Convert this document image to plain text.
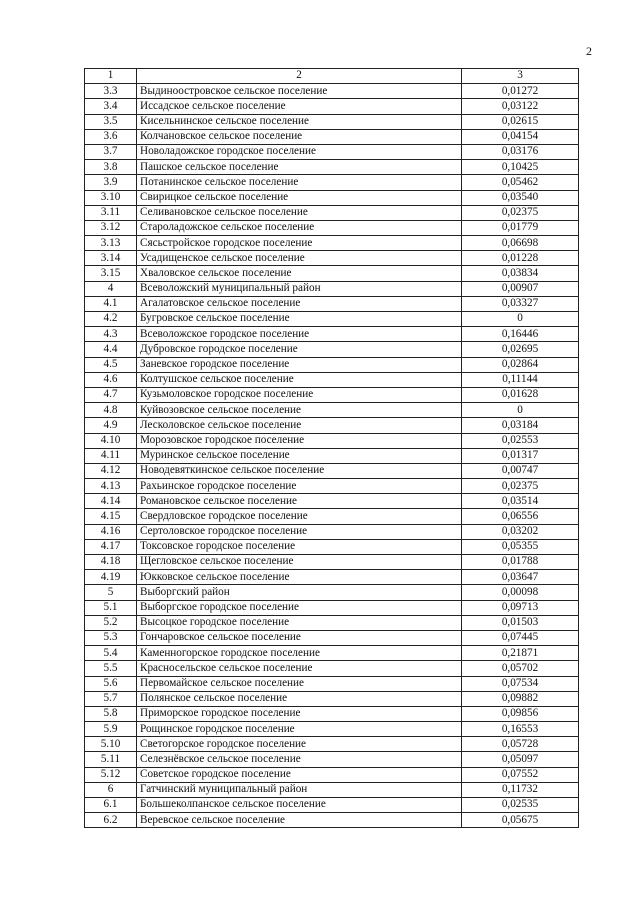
2
1	2	3
3.3	Выдиноостровское сельское поселение	0,01272
3.4	Иссадское сельское поселение	0,03122
3.5	Кисельнинское сельское поселение	0,02615
3.6	Колчановское сельское поселение	0,04154
3.7	Новоладожское городское поселение	0,03176
3.8	Пашское сельское поселение	0,10425
3.9	Потанинское сельское поселение	0,05462
3.10	Свирицкое сельское поселение	0,03540
3.11	Селивановское сельское поселение	0,02375
3.12	Староладожское сельское поселение	0,01779
3.13	Сясьстройское городское поселение	0,06698
3.14	Усадищенское сельское поселение	0,01228
3.15	Хваловское сельское поселение	0,03834
4	Всеволожский муниципальный район	0,00907
4.1	Агалатовское сельское поселение	0,03327
4.2	Бугровское сельское поселение	0
4.3	Всеволожское городское поселение	0,16446
4.4	Дубровское городское поселение	0,02695
4.5	Заневское городское поселение	0,02864
4.6	Колтушское сельское поселение	0,11144
4.7	Кузьмоловское городское поселение	0,01628
4.8	Куйвозовское сельское поселение	0
4.9	Лесколовское сельское поселение	0,03184
4.10	Морозовское городское поселение	0,02553
4.11	Муринское сельское поселение	0,01317
4.12	Новодевяткинское сельское поселение	0,00747
4.13	Рахьинское городское поселение	0,02375
4.14	Романовское сельское поселение	0,03514
4.15	Свердловское городское поселение	0,06556
4.16	Сертоловское городское поселение	0,03202
4.17	Токсовское городское поселение	0,05355
4.18	Щегловское сельское поселение	0,01788
4.19	Юкковское сельское поселение	0,03647
5	Выборгский район	0,00098
5.1	Выборгское городское поселение	0,09713
5.2	Высоцкое городское поселение	0,01503
5.3	Гончаровское сельское поселение	0,07445
5.4	Каменногорское городское поселение	0,21871
5.5	Красносельское сельское поселение	0,05702
5.6	Первомайское сельское поселение	0,07534
5.7	Полянское сельское поселение	0,09882
5.8	Приморское городское поселение	0,09856
5.9	Рощинское городское поселение	0,16553
5.10	Светогорское городское поселение	0,05728
5.11	Селезнёвское сельское поселение	0,05097
5.12	Советское городское поселение	0,07552
6	Гатчинский муниципальный район	0,11732
6.1	Большеколпанское сельское поселение	0,02535
6.2	Веревское сельское поселение	0,05675
